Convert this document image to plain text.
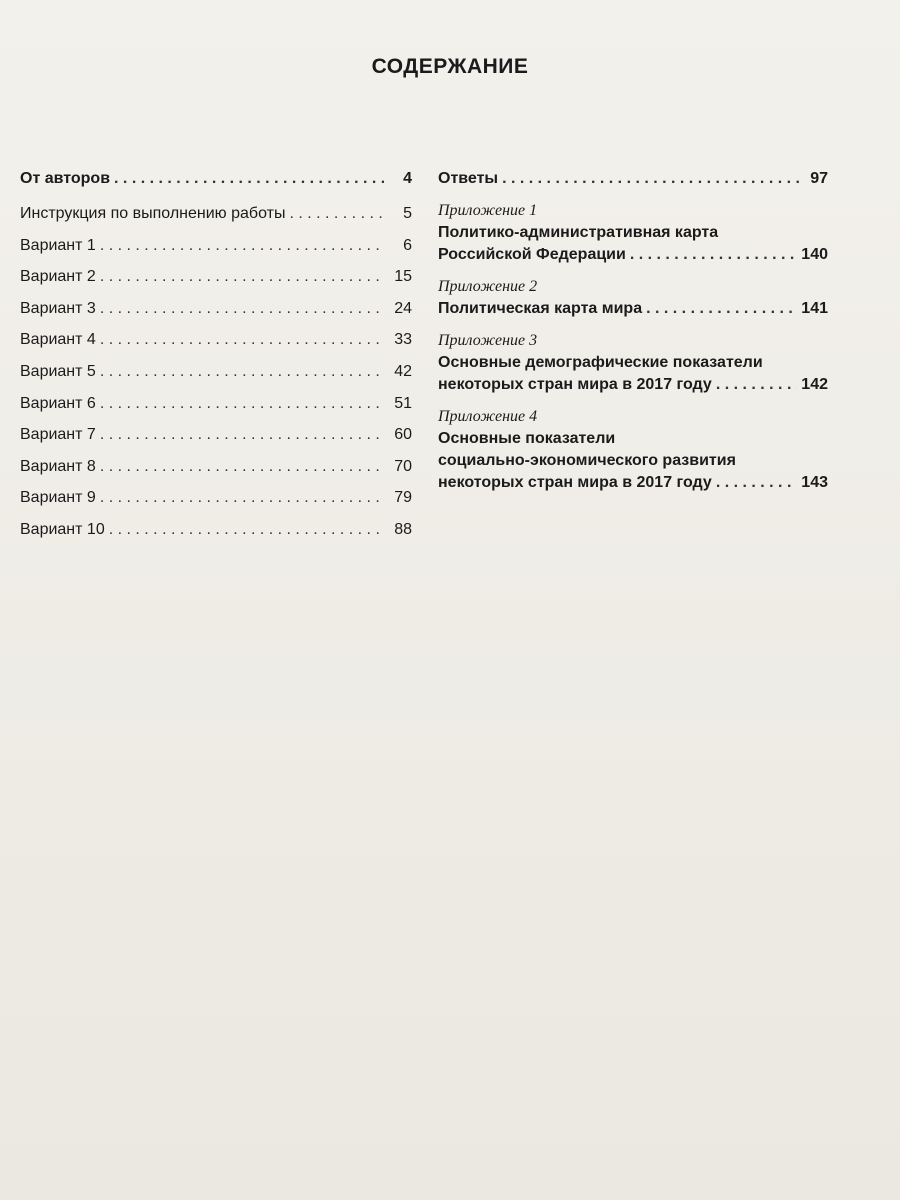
СОДЕРЖАНИЕ
От авторов . . .	4
Инструкция по выполнению работы . . .	5
Вариант 1 . . .	6
Вариант 2 . . .	15
Вариант 3 . . .	24
Вариант 4 . . .	33
Вариант 5 . . .	42
Вариант 6 . . .	51
Вариант 7 . . .	60
Вариант 8 . . .	70
Вариант 9 . . .	79
Вариант 10 . . .	88
Ответы . . .	97
Приложение 1
Политико-административная карта
Российской Федерации . . .	140
Приложение 2
Политическая карта мира . . .	141
Приложение 3
Основные демографические показатели
некоторых стран мира в 2017 году . . .	142
Приложение 4
Основные показатели
социально-экономического развития
некоторых стран мира в 2017 году . . .	143
